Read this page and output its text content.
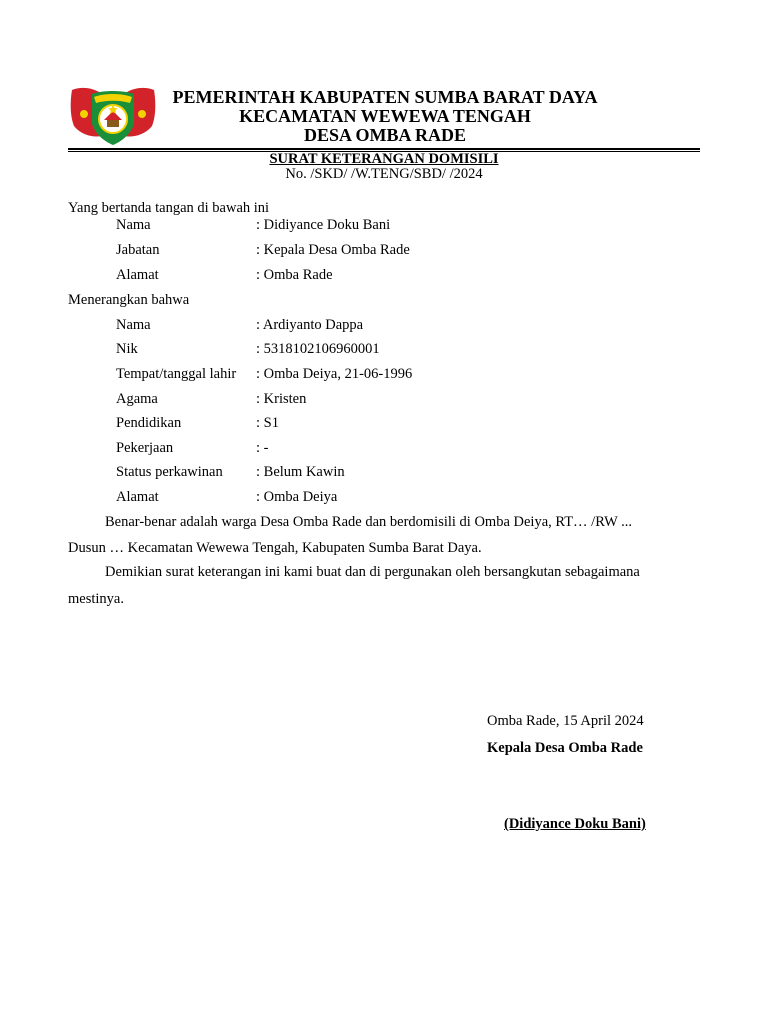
PEMERINTAH KABUPATEN SUMBA BARAT DAYA
KECAMATAN WEWEWA TENGAH
DESA OMBA RADE
SURAT KETERANGAN DOMISILI
No. /SKD/ /W.TENG/SBD/ /2024
Yang bertanda tangan di bawah ini
Nama	: Didiyance Doku Bani
Jabatan	: Kepala Desa Omba Rade
Alamat	: Omba Rade
Menerangkan bahwa
Nama	: Ardiyanto Dappa
Nik	: 5318102106960001
Tempat/tanggal lahir : Omba Deiya, 21-06-1996
Agama	: Kristen
Pendidikan	: S1
Pekerjaan	: -
Status perkawinan : Belum Kawin
Alamat	: Omba Deiya
Benar-benar adalah warga Desa Omba Rade dan berdomisili di Omba Deiya, RT… /RW ...
Dusun … Kecamatan Wewewa Tengah, Kabupaten Sumba Barat Daya.
Demikian surat keterangan ini kami buat dan di pergunakan oleh bersangkutan sebagaimana
mestinya.
Omba Rade, 15 April 2024
Kepala Desa Omba Rade
(Didiyance Doku Bani)
